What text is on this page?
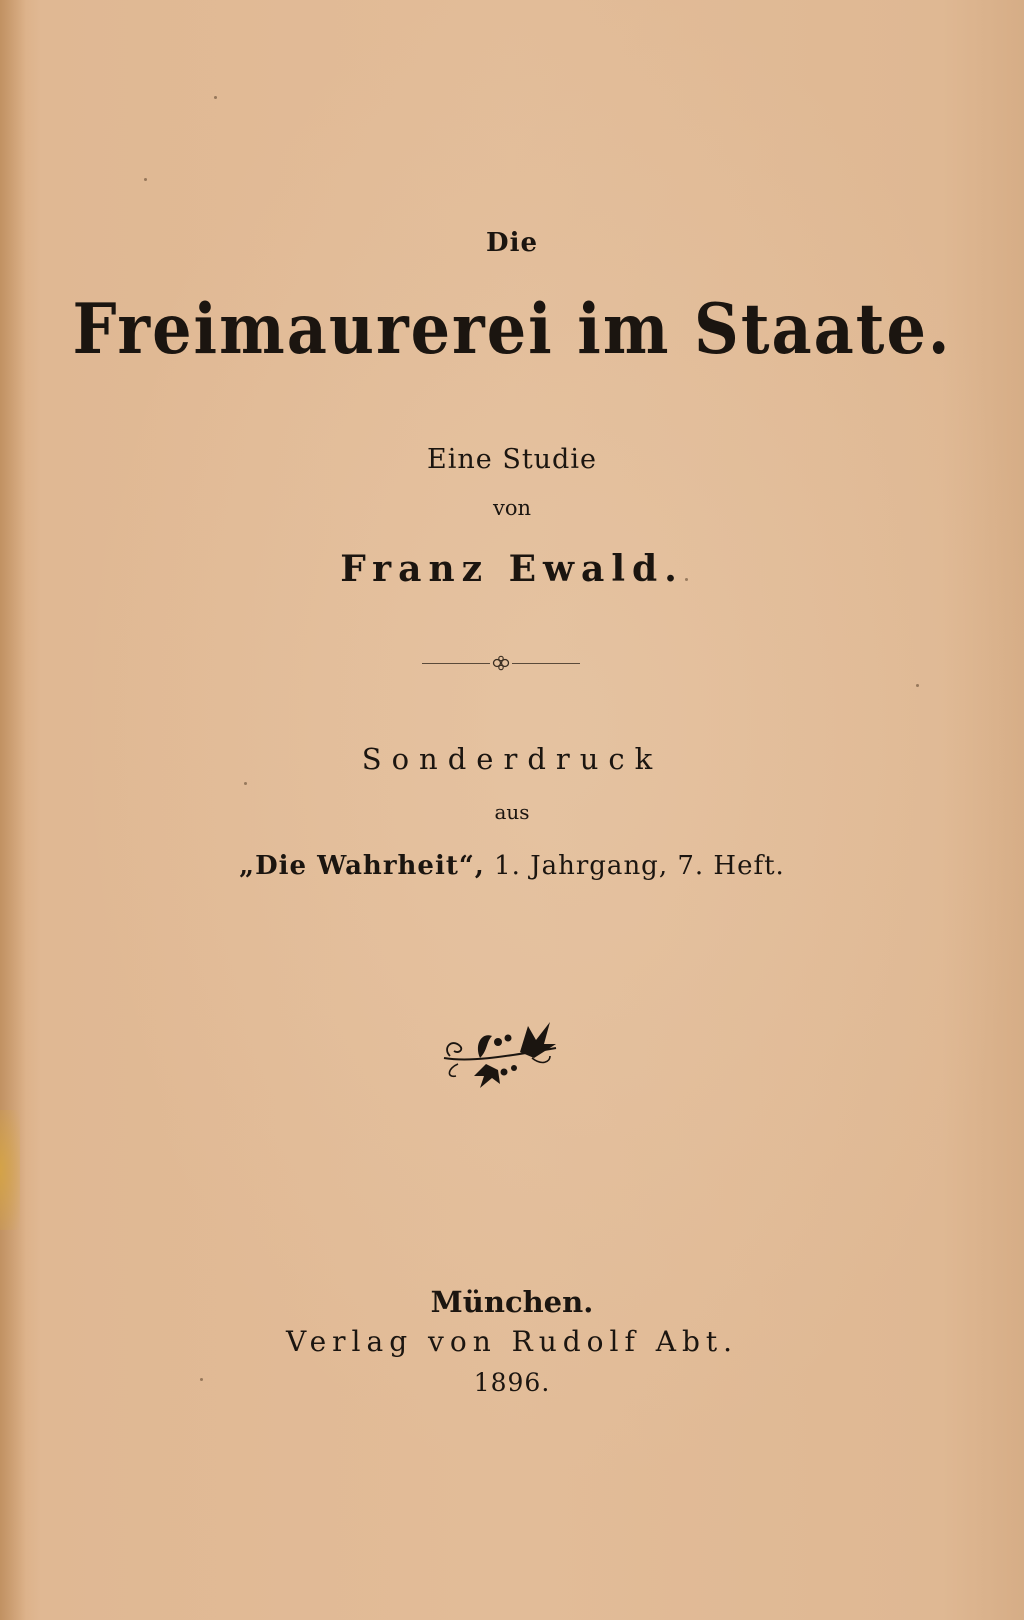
Die
Freimaurerei im Staate.
Eine Studie
von
Franz Ewald.
Sonderdruck
aus
„Die Wahrheit“, 1. Jahrgang, 7. Heft.
München.
Verlag von Rudolf Abt.
1896.
